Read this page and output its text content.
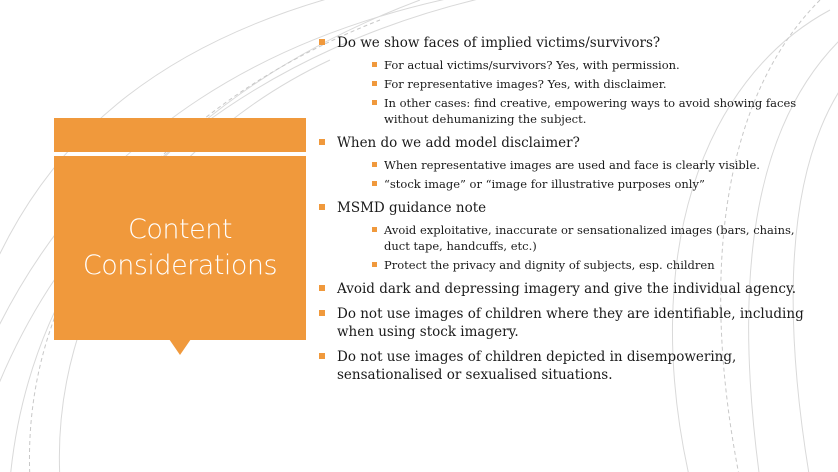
Content
Considerations
Do we show faces of implied victims/survivors?
For actual victims/survivors? Yes, with permission.
For representative images? Yes, with disclaimer.
In other cases: find creative, empowering ways to avoid showing faces without dehumanizing the subject.
When do we add model disclaimer?
When representative images are used and face is clearly visible.
“stock image” or “image for illustrative purposes only”
MSMD guidance note
Avoid exploitative, inaccurate or sensationalized images (bars, chains, duct tape, handcuffs, etc.)
Protect the privacy and dignity of subjects, esp. children
Avoid dark and depressing imagery and give the individual agency.
Do not use images of children where they are identifiable, including when using stock imagery.
Do not use images of children depicted in disempowering, sensationalised or sexualised situations.
